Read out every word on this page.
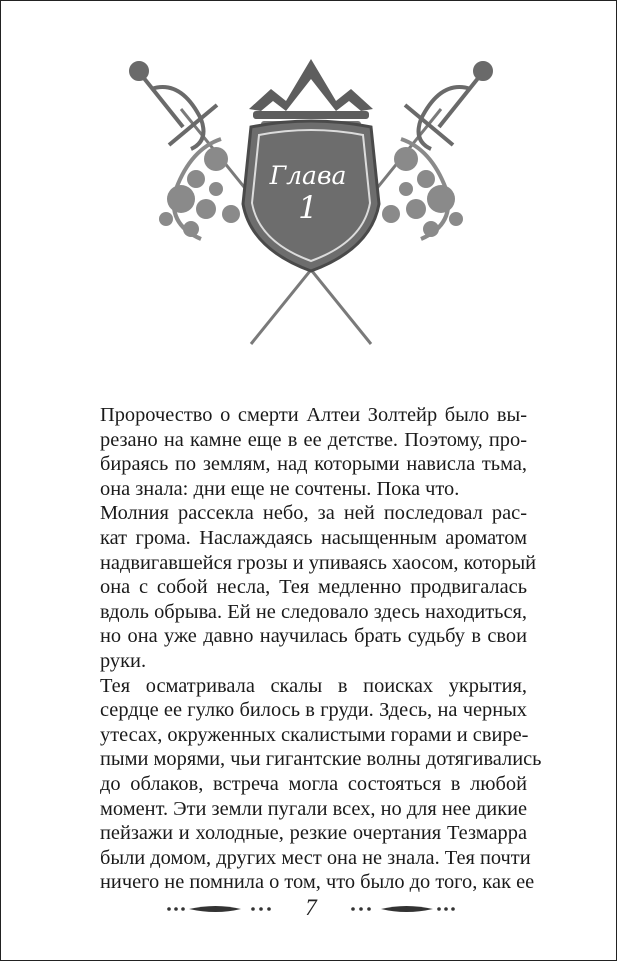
Глава
1
Пророчество о смерти Алтеи Золтейр было вы-
резано на камне еще в ее детстве. Поэтому, про-
бираясь по землям, над которыми нависла тьма,
она знала: дни еще не сочтены. Пока что.
Молния рассекла небо, за ней последовал рас-
кат грома. Наслаждаясь насыщенным ароматом
надвигавшейся грозы и упиваясь хаосом, который
она с собой несла, Тея медленно продвигалась
вдоль обрыва. Ей не следовало здесь находиться,
но она уже давно научилась брать судьбу в свои
руки.
Тея осматривала скалы в поисках укрытия,
сердце ее гулко билось в груди. Здесь, на черных
утесах, окруженных скалистыми горами и свире-
пыми морями, чьи гигантские волны дотягивались
до облаков, встреча могла состояться в любой
момент. Эти земли пугали всех, но для нее дикие
пейзажи и холодные, резкие очертания Тезмарра
были домом, других мест она не знала. Тея почти
ничего не помнила о том, что было до того, как ее
7
